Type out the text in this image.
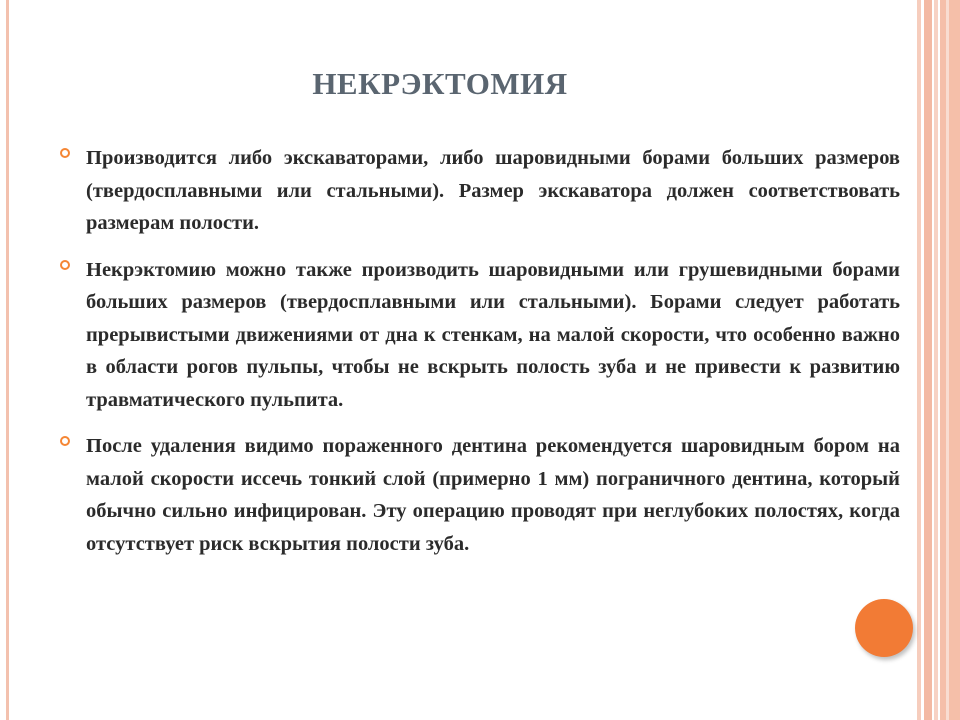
НЕКРЭКТОМИЯ
Производится либо экскаваторами, либо шаровидными борами больших размеров (твердосплавными или стальными). Размер экскаватора должен соответствовать размерам полости.
Некрэктомию можно также производить шаровидными или грушевидными борами больших размеров (твердосплавными или стальными). Борами следует работать прерывистыми движениями от дна к стенкам, на малой скорости, что особенно важно в области рогов пульпы, чтобы не вскрыть полость зуба и не привести к развитию травматического пульпита.
После удаления видимо пораженного дентина рекомендуется шаровидным бором на малой скорости иссечь тонкий слой (примерно 1 мм) пограничного дентина, который обычно сильно инфицирован. Эту операцию проводят при неглубоких полостях, когда отсутствует риск вскрытия полости зуба.
